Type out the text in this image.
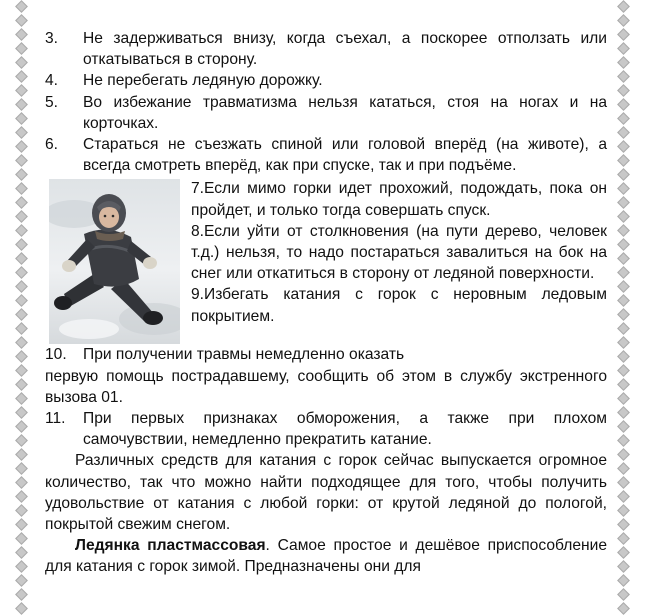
3.	Не задерживаться внизу, когда съехал, а поскорее отползать или откатываться в сторону.
4.	Не перебегать ледяную дорожку.
5.	Во избежание травматизма нельзя кататься, стоя на ногах и на корточках.
6.	Стараться не съезжать спиной или головой вперёд (на животе), а всегда смотреть вперёд, как при спуске, так и при подъёме.

7.Если мимо горки идет прохожий, подождать, пока он пройдет, и только тогда совершать спуск.

8.Если уйти от столкновения (на пути дерево, человек т.д.) нельзя, то надо постараться завалиться на бок на снег или откатиться в сторону от ледяной поверхности.

9.Избегать катания с горок с неровным ледовым покрытием.

10.	При получении травмы немедленно оказать

первую помощь пострадавшему, сообщить об этом в службу экстренного вызова 01.

11.	При первых признаках обморожения, а также при плохом самочувствии, немедленно прекратить катание.

Различных средств для катания с горок сейчас выпускается огромное количество, так что можно найти подходящее для того, чтобы получить удовольствие от катания с любой горки: от крутой ледяной до пологой, покрытой свежим снегом.

Ледянка пластмассовая. Самое простое и дешёвое приспособление для катания с горок зимой. Предназначены они для
